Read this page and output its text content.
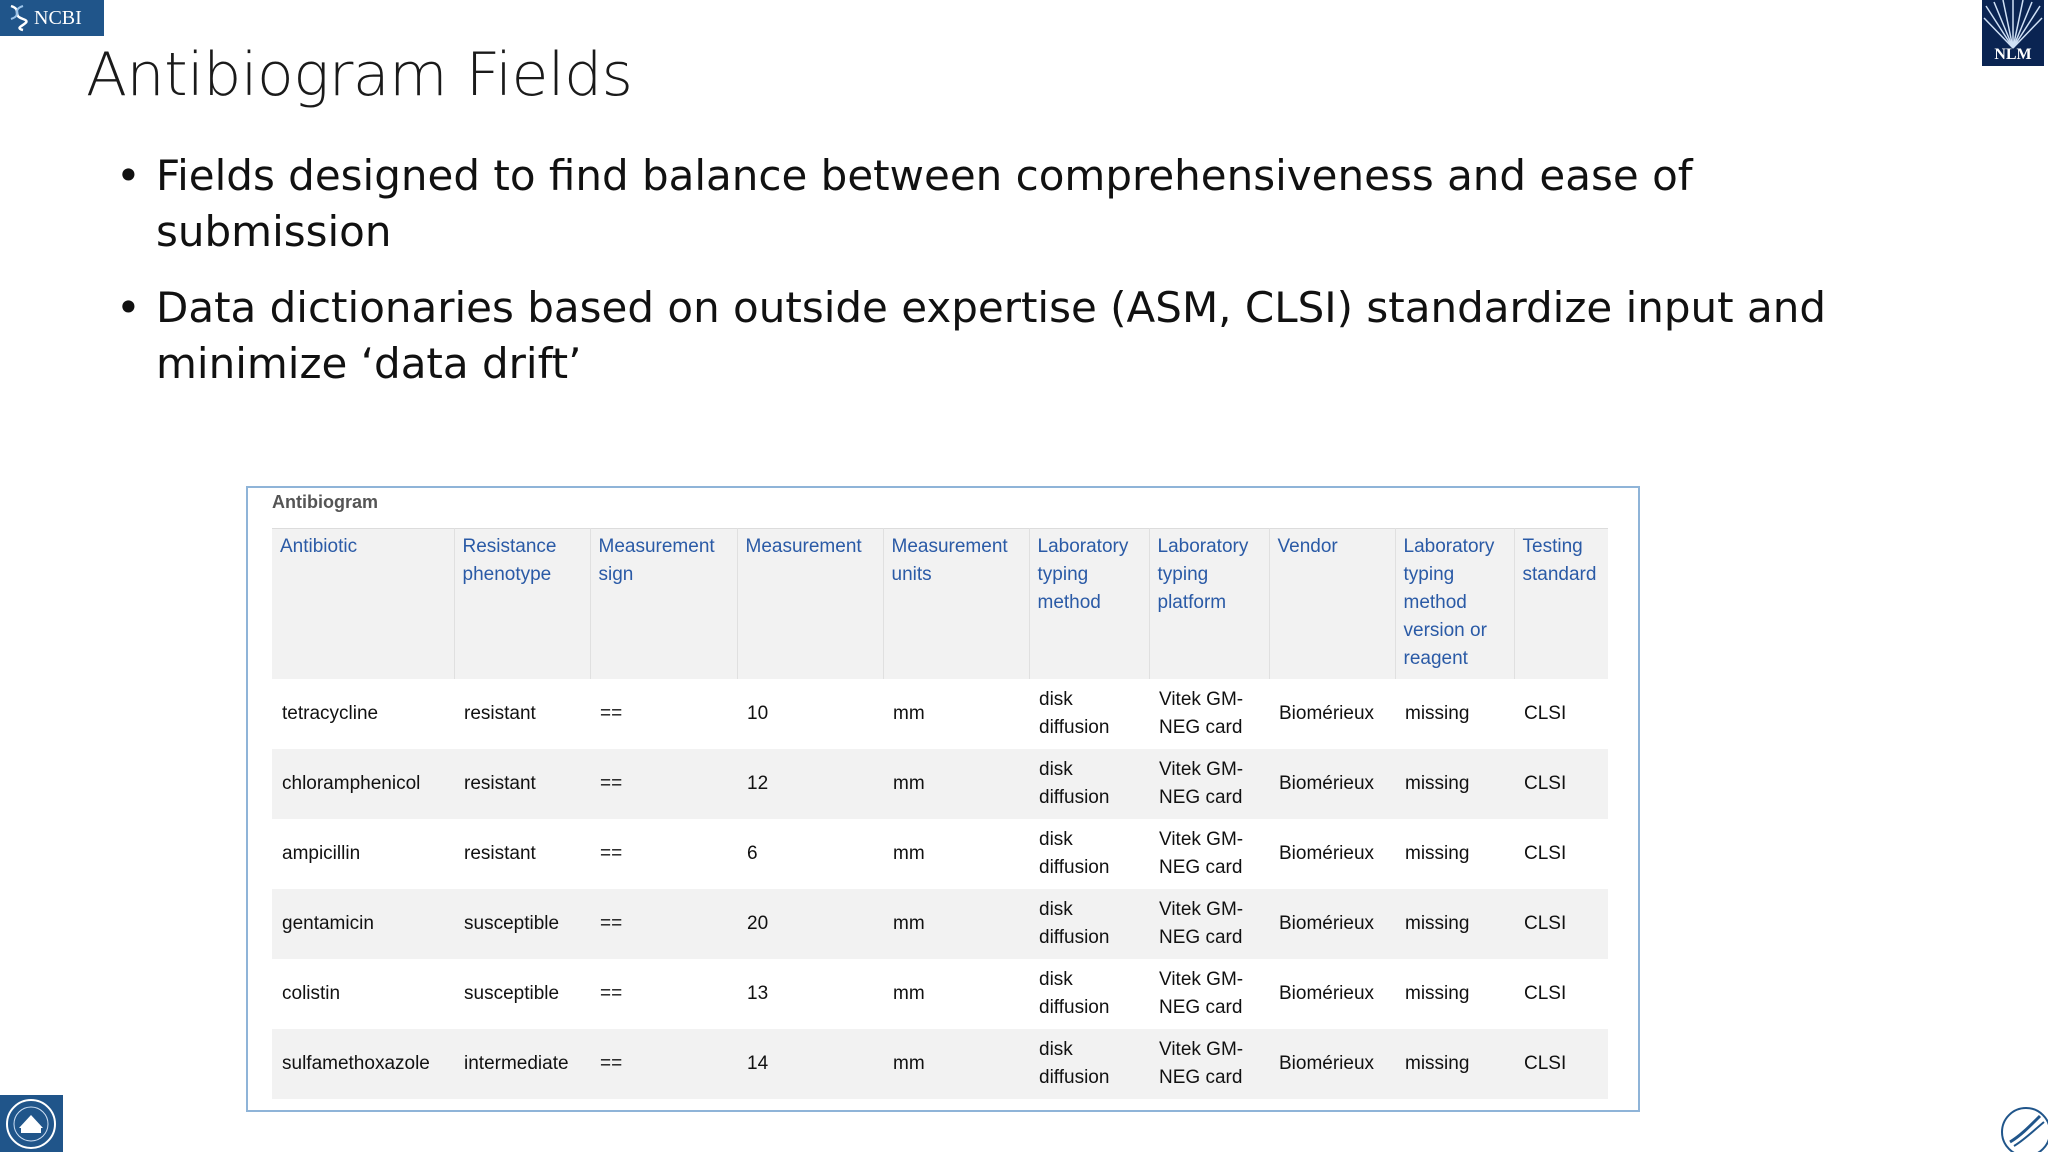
NCBI
NLM
Antibiogram Fields
• Fields designed to find balance between comprehensiveness and ease of submission
• Data dictionaries based on outside expertise (ASM, CLSI) standardize input and minimize ‘data drift’
Antibiogram
Antibiotic	Resistance phenotype	Measurement sign	Measurement	Measurement units	Laboratory typing method	Laboratory typing platform	Vendor	Laboratory typing method version or reagent	Testing standard
tetracycline	resistant	==	10	mm	disk diffusion	Vitek GM-NEG card	Biomérieux	missing	CLSI
chloramphenicol	resistant	==	12	mm	disk diffusion	Vitek GM-NEG card	Biomérieux	missing	CLSI
ampicillin	resistant	==	6	mm	disk diffusion	Vitek GM-NEG card	Biomérieux	missing	CLSI
gentamicin	susceptible	==	20	mm	disk diffusion	Vitek GM-NEG card	Biomérieux	missing	CLSI
colistin	susceptible	==	13	mm	disk diffusion	Vitek GM-NEG card	Biomérieux	missing	CLSI
sulfamethoxazole	intermediate	==	14	mm	disk diffusion	Vitek GM-NEG card	Biomérieux	missing	CLSI
